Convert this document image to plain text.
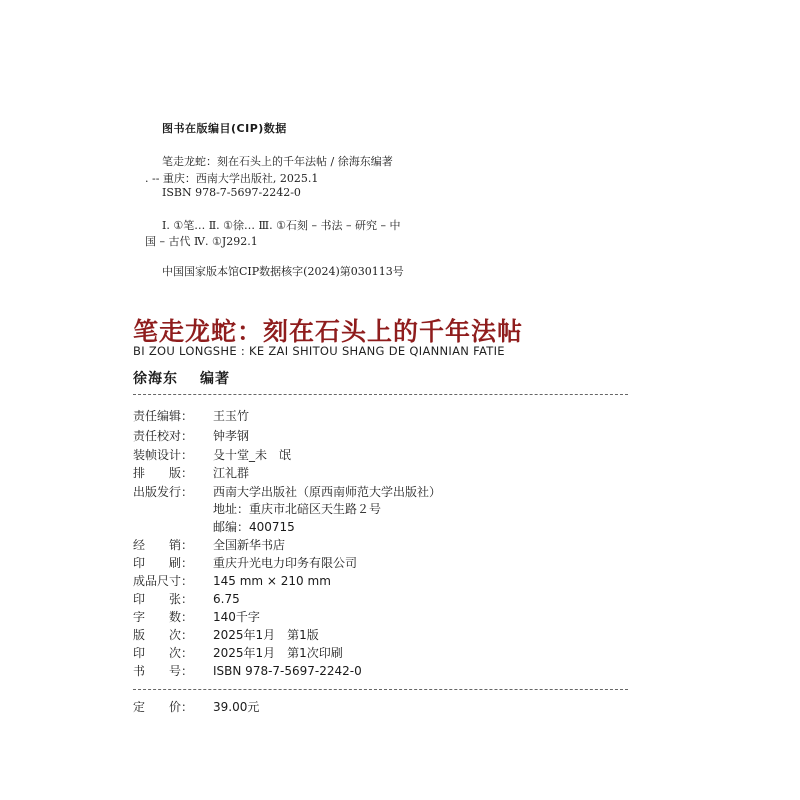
图书在版编目(CIP)数据
笔走龙蛇：刻在石头上的千年法帖 / 徐海东编著
. -- 重庆：西南大学出版社, 2025.1
ISBN 978-7-5697-2242-0
Ⅰ. ①笔… Ⅱ. ①徐… Ⅲ. ①石刻 – 书法 – 研究 – 中
国 – 古代 Ⅳ. ①J292.1
中国国家版本馆CIP数据核字(2024)第030113号
笔走龙蛇：刻在石头上的千年法帖
BI ZOU LONGSHE : KE ZAI SHITOU SHANG DE QIANNIAN FATIE
徐海东 编著
责任编辑： 王玉竹
责任校对： 钟孝钢
装帧设计： 殳十堂_未　氓
排　　版： 江礼群
出版发行： 西南大学出版社（原西南师范大学出版社）
地址：重庆市北碚区天生路２号
邮编：400715
经　　销： 全国新华书店
印　　刷： 重庆升光电力印务有限公司
成品尺寸： 145 mm × 210 mm
印　　张： 6.75
字　　数： 140千字
版　　次： 2025年1月　第1版
印　　次： 2025年1月　第1次印刷
书　　号： ISBN 978-7-5697-2242-0
定　　价： 39.00元
